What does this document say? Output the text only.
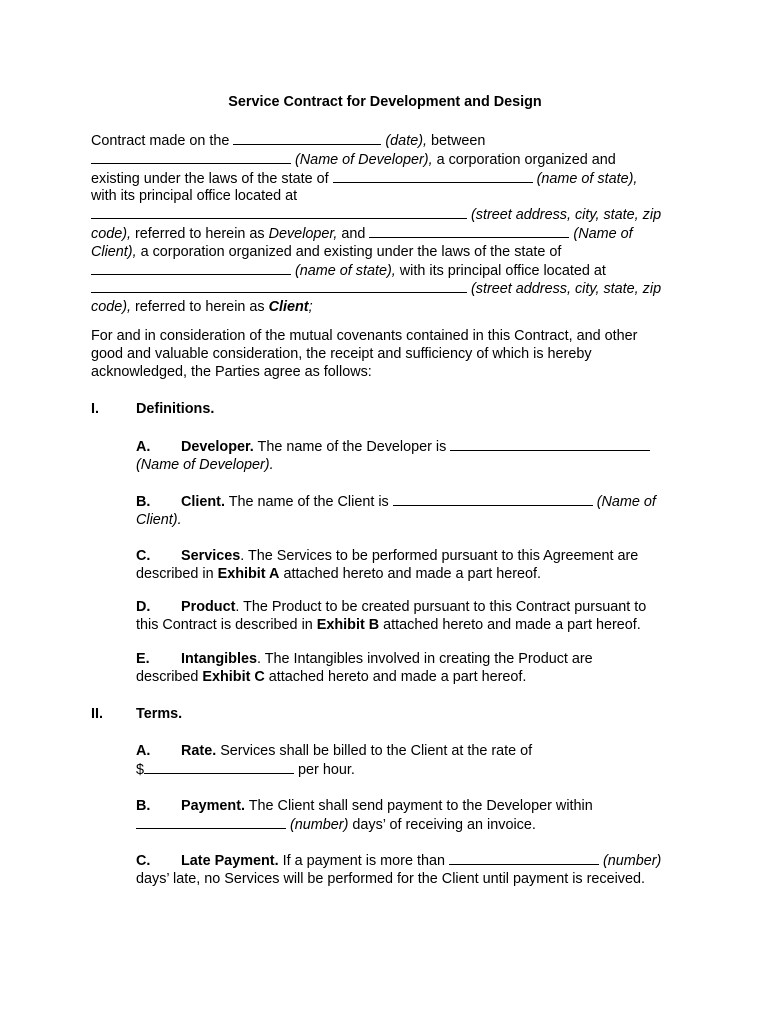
Service Contract for Development and Design
Contract made on the	(date), between
(Name of Developer), a corporation organized and
existing under the laws of the state of	(name of state),
with its principal office located at
(street address, city, state, zip
code), referred to herein as Developer, and	(Name of
Client), a corporation organized and existing under the laws of the state of
(name of state), with its principal office located at
(street address, city, state, zip
code), referred to herein as Client;
For and in consideration of the mutual covenants contained in this Contract, and other
good and valuable consideration, the receipt and sufficiency of which is hereby
acknowledged, the Parties agree as follows:
I.	Definitions.
A. Developer. The name of the Developer is
(Name of Developer).
B. Client. The name of the Client is	(Name of
Client).
C. Services. The Services to be performed pursuant to this Agreement are
described in Exhibit A attached hereto and made a part hereof.
D. Product. The Product to be created pursuant to this Contract pursuant to
this Contract is described in Exhibit B attached hereto and made a part hereof.
E. Intangibles. The Intangibles involved in creating the Product are
described Exhibit C attached hereto and made a part hereof.
II. Terms.
A. Rate. Services shall be billed to the Client at the rate of
$	per hour.
B. Payment. The Client shall send payment to the Developer within
(number) days’ of receiving an invoice.
C. Late Payment. If a payment is more than	(number)
days’ late, no Services will be performed for the Client until payment is received.
